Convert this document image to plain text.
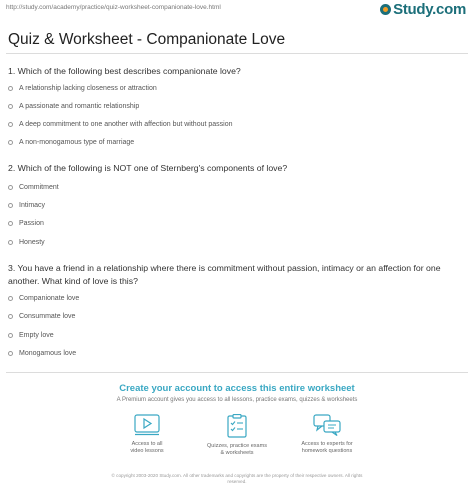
http://study.com/academy/practice/quiz-worksheet-companionate-love.html	Study.com
Quiz & Worksheet - Companionate Love

1. Which of the following best describes companionate love?

A relationship lacking closeness or attraction
A passionate and romantic relationship
A deep commitment to one another with affection but without passion
A non-monogamous type of marriage

2. Which of the following is NOT one of Sternberg's components of love?

Commitment
Intimacy
Passion
Honesty

3. You have a friend in a relationship where there is commitment without passion, intimacy or an affection for one another. What kind of love is this?

Companionate love
Consummate love
Empty love
Monogamous love
Create your account to access this entire worksheet
A Premium account gives you access to all lessons, practice exams, quizzes & worksheets
Access to all
video lessons
Quizzes, practice exams
& worksheets
Access to experts for
homework questions
© copyright 2003-2020 Study.com. All other trademarks and copyrights are the property of their respective owners. All rights
reserved.
